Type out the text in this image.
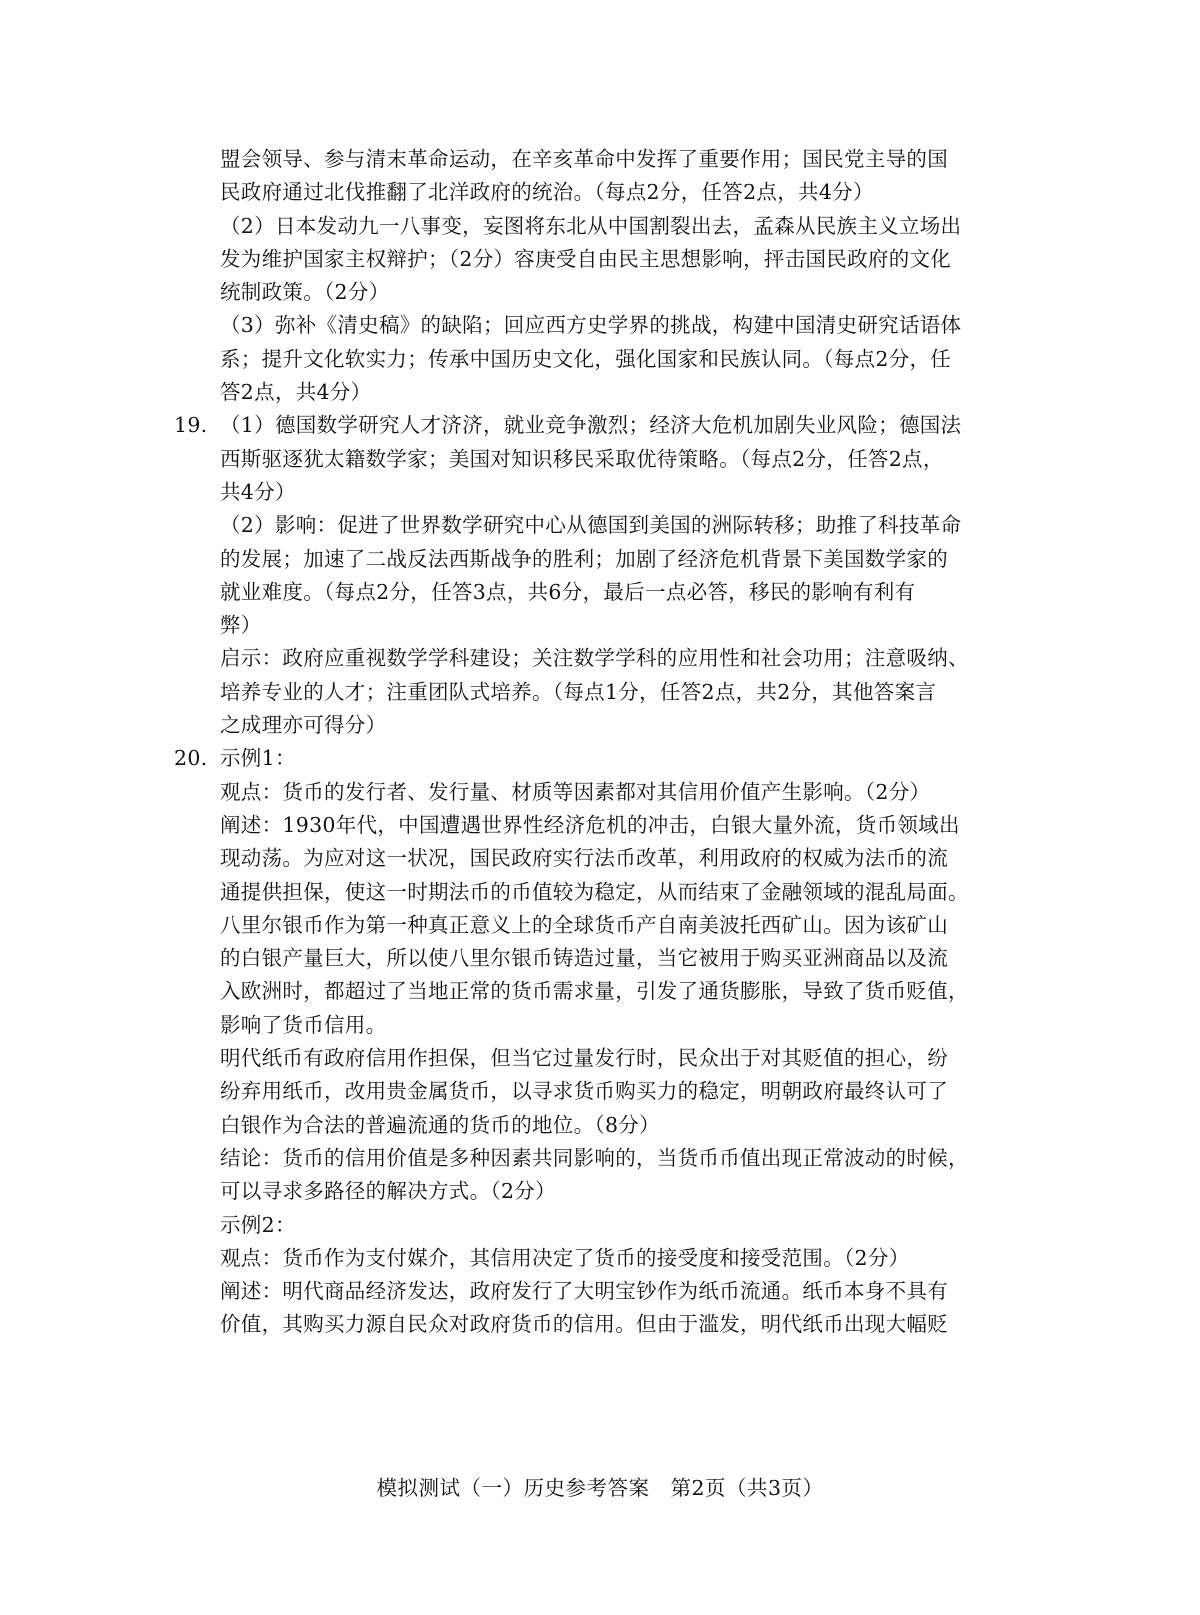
盟会领导、参与清末革命运动，在辛亥革命中发挥了重要作用；国民党主导的国
民政府通过北伐推翻了北洋政府的统治。（每点2分，任答2点，共4分）
（2）日本发动九一八事变，妄图将东北从中国割裂出去，孟森从民族主义立场出
发为维护国家主权辩护；（2分）容庚受自由民主思想影响，抨击国民政府的文化
统制政策。（2分）
（3）弥补《清史稿》的缺陷；回应西方史学界的挑战，构建中国清史研究话语体
系；提升文化软实力；传承中国历史文化，强化国家和民族认同。（每点2分，任
答2点，共4分）
19. （1）德国数学研究人才济济，就业竞争激烈；经济大危机加剧失业风险；德国法
西斯驱逐犹太籍数学家；美国对知识移民采取优待策略。（每点2分，任答2点，
共4分）
（2）影响：促进了世界数学研究中心从德国到美国的洲际转移；助推了科技革命
的发展；加速了二战反法西斯战争的胜利；加剧了经济危机背景下美国数学家的
就业难度。（每点2分，任答3点，共6分，最后一点必答，移民的影响有利有
弊）
启示：政府应重视数学学科建设；关注数学学科的应用性和社会功用；注意吸纳、
培养专业的人才；注重团队式培养。（每点1分，任答2点，共2分，其他答案言
之成理亦可得分）
20. 示例1：
观点：货币的发行者、发行量、材质等因素都对其信用价值产生影响。（2分）
阐述：1930年代，中国遭遇世界性经济危机的冲击，白银大量外流，货币领域出
现动荡。为应对这一状况，国民政府实行法币改革，利用政府的权威为法币的流
通提供担保，使这一时期法币的币值较为稳定，从而结束了金融领域的混乱局面。
八里尔银币作为第一种真正意义上的全球货币产自南美波托西矿山。因为该矿山
的白银产量巨大，所以使八里尔银币铸造过量，当它被用于购买亚洲商品以及流
入欧洲时，都超过了当地正常的货币需求量，引发了通货膨胀，导致了货币贬值，
影响了货币信用。
明代纸币有政府信用作担保，但当它过量发行时，民众出于对其贬值的担心，纷
纷弃用纸币，改用贵金属货币，以寻求货币购买力的稳定，明朝政府最终认可了
白银作为合法的普遍流通的货币的地位。（8分）
结论：货币的信用价值是多种因素共同影响的，当货币币值出现正常波动的时候，
可以寻求多路径的解决方式。（2分）
示例2：
观点：货币作为支付媒介，其信用决定了货币的接受度和接受范围。（2分）
阐述：明代商品经济发达，政府发行了大明宝钞作为纸币流通。纸币本身不具有
价值，其购买力源自民众对政府货币的信用。但由于滥发，明代纸币出现大幅贬
模拟测试（一）历史参考答案　第2页（共3页）
